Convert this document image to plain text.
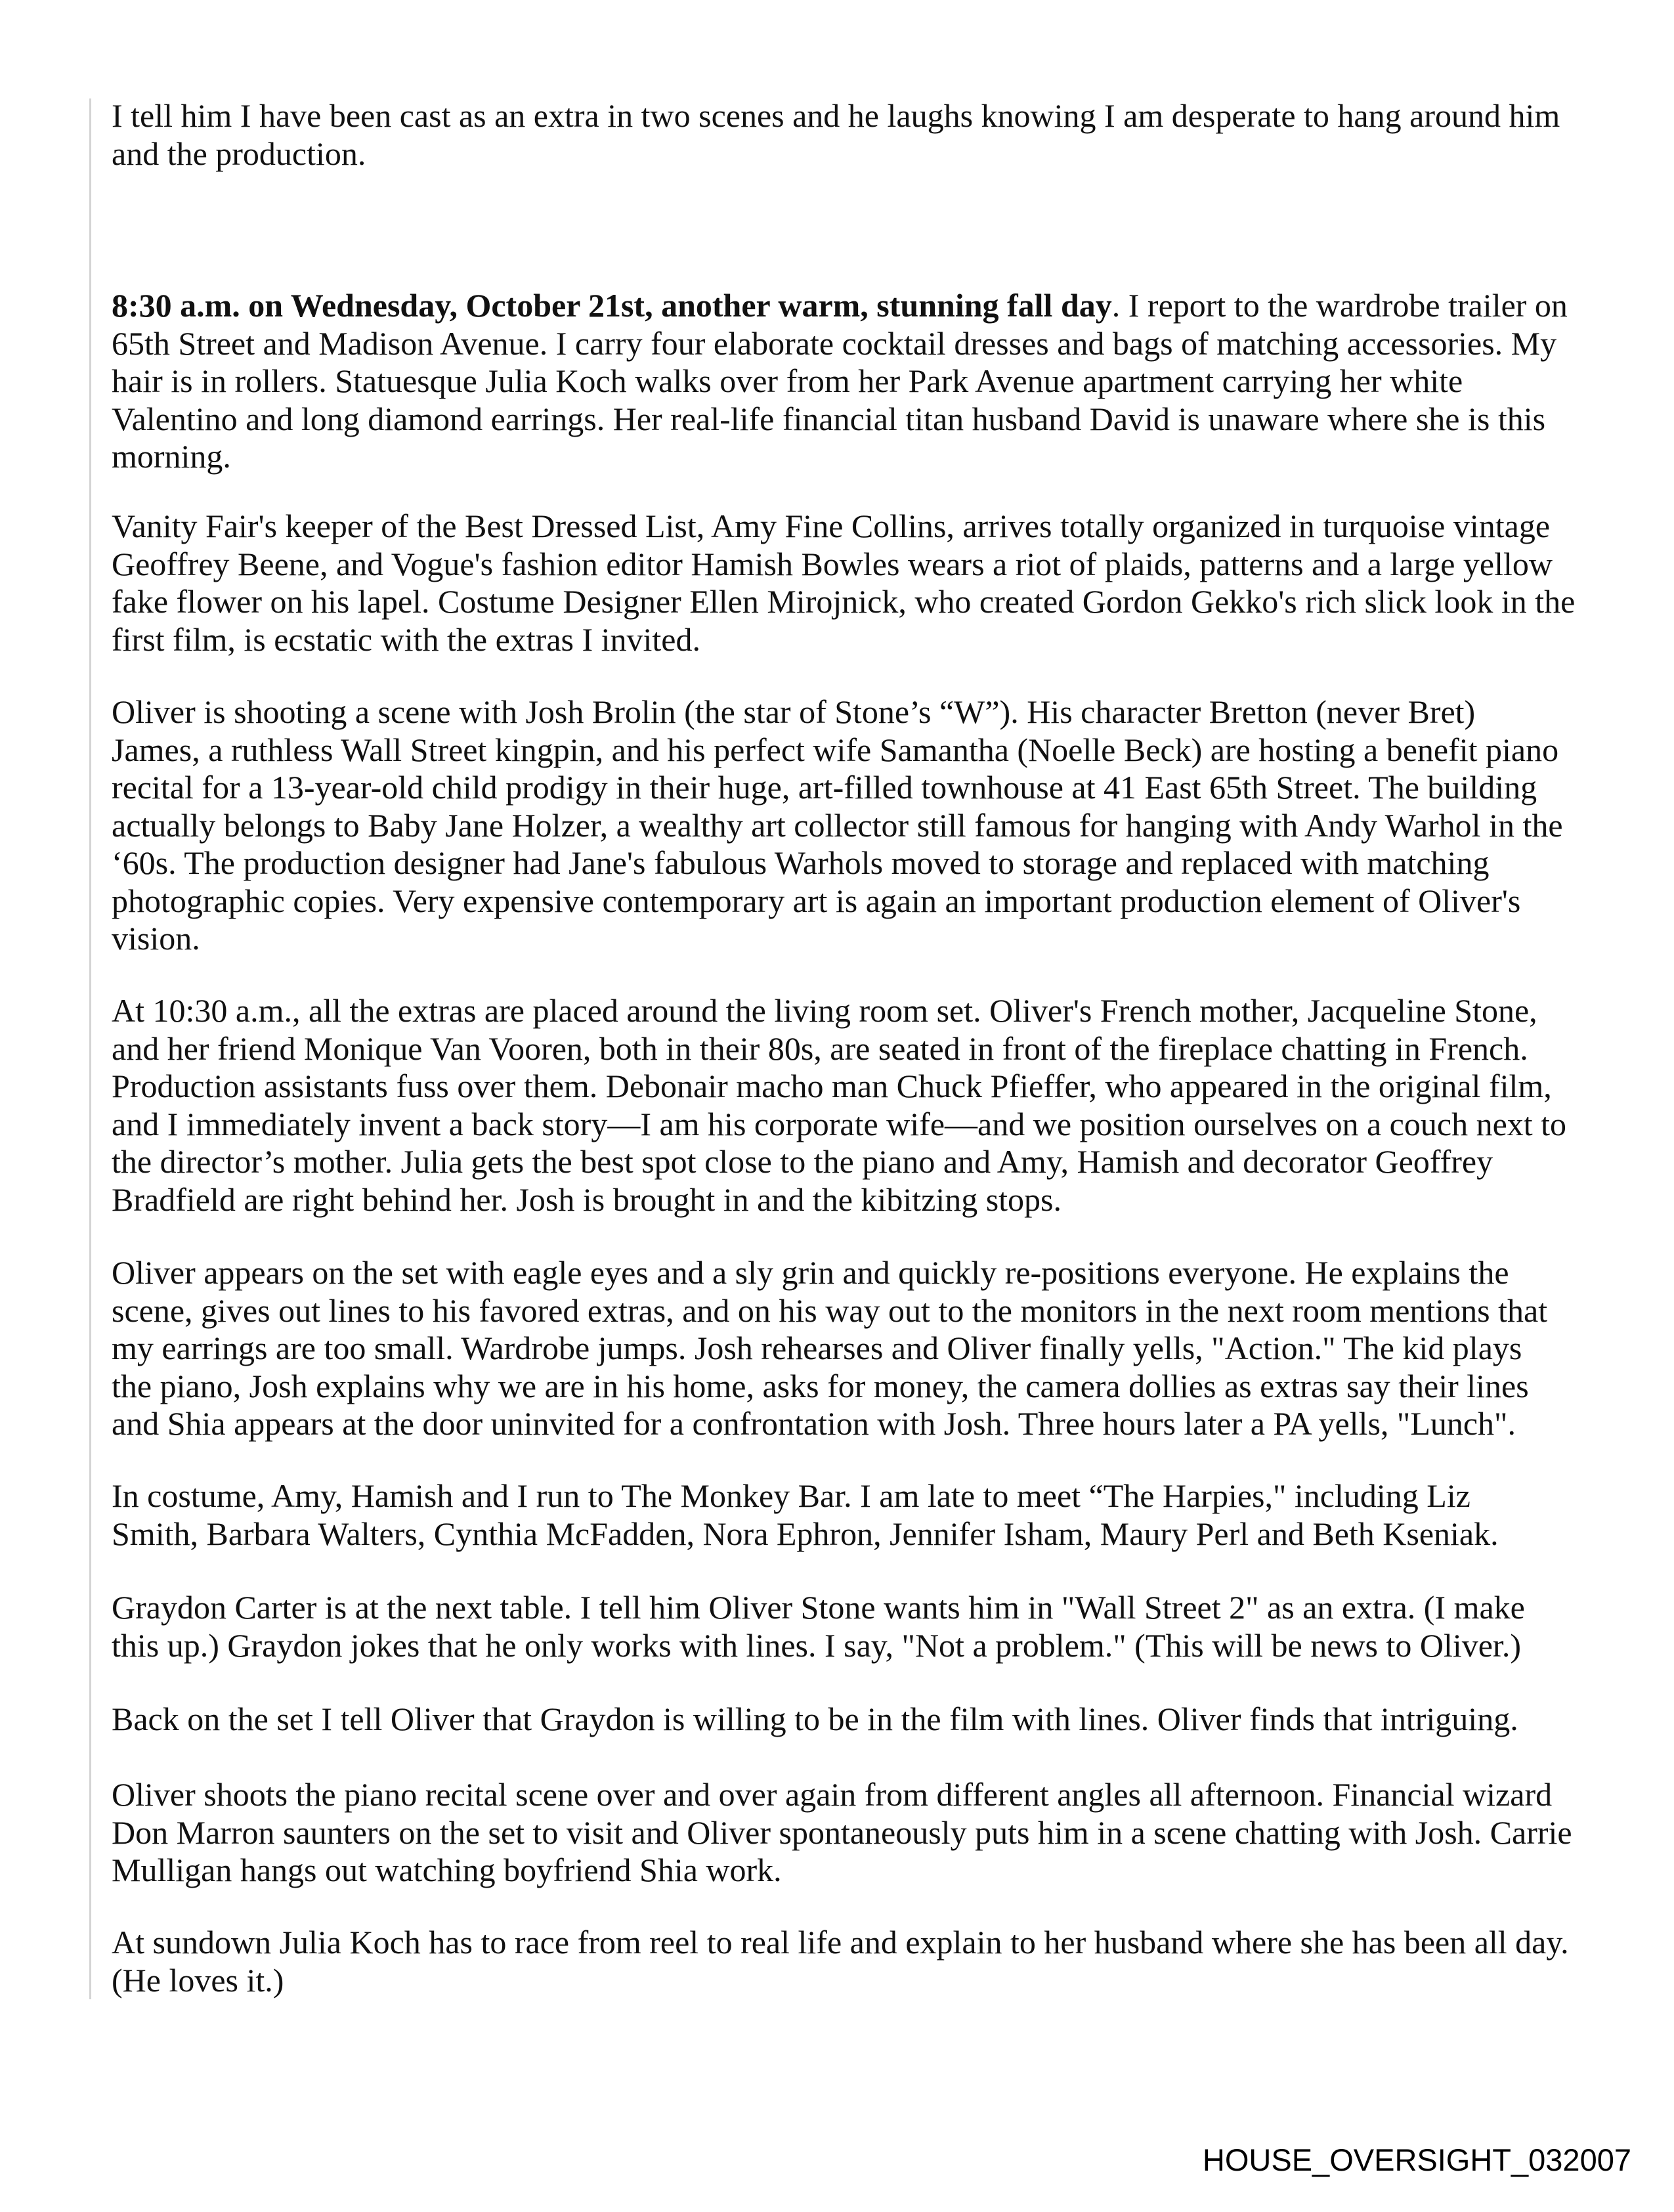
I tell him I have been cast as an extra in two scenes and he laughs knowing I am desperate to hang around him
and the production.
8:30 a.m. on Wednesday, October 21st, another warm, stunning fall day. I report to the wardrobe trailer on
65th Street and Madison Avenue. I carry four elaborate cocktail dresses and bags of matching accessories. My
hair is in rollers. Statuesque Julia Koch walks over from her Park Avenue apartment carrying her white
Valentino and long diamond earrings. Her real-life financial titan husband David is unaware where she is this
morning.
Vanity Fair's keeper of the Best Dressed List, Amy Fine Collins, arrives totally organized in turquoise vintage
Geoffrey Beene, and Vogue's fashion editor Hamish Bowles wears a riot of plaids, patterns and a large yellow
fake flower on his lapel. Costume Designer Ellen Mirojnick, who created Gordon Gekko's rich slick look in the
first film, is ecstatic with the extras I invited.
Oliver is shooting a scene with Josh Brolin (the star of Stone’s “W”). His character Bretton (never Bret)
James, a ruthless Wall Street kingpin, and his perfect wife Samantha (Noelle Beck) are hosting a benefit piano
recital for a 13-year-old child prodigy in their huge, art-filled townhouse at 41 East 65th Street. The building
actually belongs to Baby Jane Holzer, a wealthy art collector still famous for hanging with Andy Warhol in the
‘60s. The production designer had Jane's fabulous Warhols moved to storage and replaced with matching
photographic copies. Very expensive contemporary art is again an important production element of Oliver's
vision.
At 10:30 a.m., all the extras are placed around the living room set. Oliver's French mother, Jacqueline Stone,
and her friend Monique Van Vooren, both in their 80s, are seated in front of the fireplace chatting in French.
Production assistants fuss over them. Debonair macho man Chuck Pfieffer, who appeared in the original film,
and I immediately invent a back story—I am his corporate wife—and we position ourselves on a couch next to
the director’s mother. Julia gets the best spot close to the piano and Amy, Hamish and decorator Geoffrey
Bradfield are right behind her. Josh is brought in and the kibitzing stops.
Oliver appears on the set with eagle eyes and a sly grin and quickly re-positions everyone. He explains the
scene, gives out lines to his favored extras, and on his way out to the monitors in the next room mentions that
my earrings are too small. Wardrobe jumps. Josh rehearses and Oliver finally yells, "Action." The kid plays
the piano, Josh explains why we are in his home, asks for money, the camera dollies as extras say their lines
and Shia appears at the door uninvited for a confrontation with Josh. Three hours later a PA yells, "Lunch".
In costume, Amy, Hamish and I run to The Monkey Bar. I am late to meet “The Harpies," including Liz
Smith, Barbara Walters, Cynthia McFadden, Nora Ephron, Jennifer Isham, Maury Perl and Beth Kseniak.
Graydon Carter is at the next table. I tell him Oliver Stone wants him in "Wall Street 2" as an extra. (I make
this up.) Graydon jokes that he only works with lines. I say, "Not a problem." (This will be news to Oliver.)
Back on the set I tell Oliver that Graydon is willing to be in the film with lines. Oliver finds that intriguing.
Oliver shoots the piano recital scene over and over again from different angles all afternoon. Financial wizard
Don Marron saunters on the set to visit and Oliver spontaneously puts him in a scene chatting with Josh. Carrie
Mulligan hangs out watching boyfriend Shia work.
At sundown Julia Koch has to race from reel to real life and explain to her husband where she has been all day.
(He loves it.)
HOUSE_OVERSIGHT_032007
